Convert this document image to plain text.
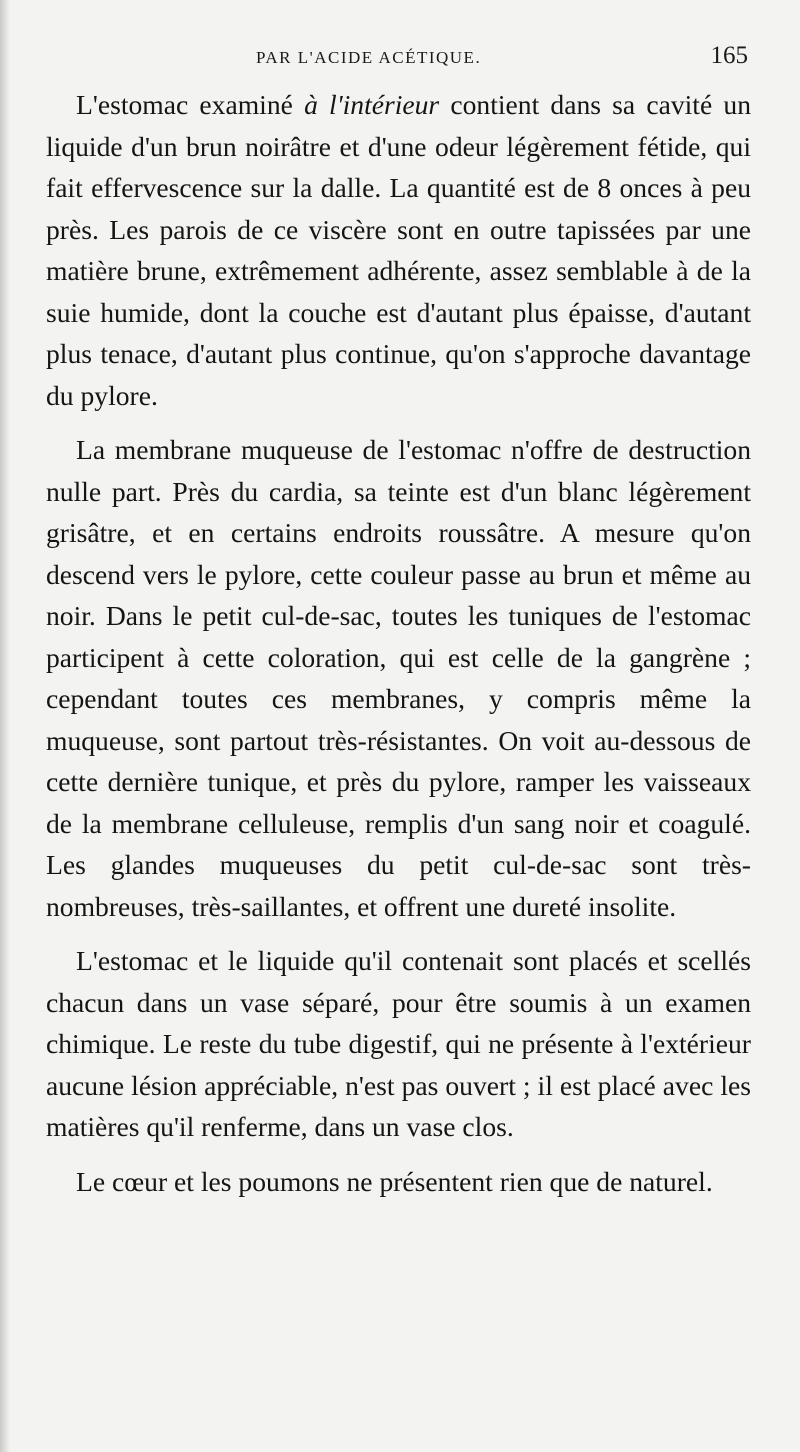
PAR L'ACIDE ACÉTIQUE.	165

L'estomac examiné à l'intérieur contient dans sa cavité un liquide d'un brun noirâtre et d'une odeur légèrement fétide, qui fait effervescence sur la dalle. La quantité est de 8 onces à peu près. Les parois de ce viscère sont en outre tapissées par une matière brune, extrêmement adhérente, assez semblable à de la suie humide, dont la couche est d'autant plus épaisse, d'autant plus tenace, d'autant plus continue, qu'on s'approche davantage du pylore.

La membrane muqueuse de l'estomac n'offre de destruction nulle part. Près du cardia, sa teinte est d'un blanc légèrement grisâtre, et en certains endroits roussâtre. A mesure qu'on descend vers le pylore, cette couleur passe au brun et même au noir. Dans le petit cul-de-sac, toutes les tuniques de l'estomac participent à cette coloration, qui est celle de la gangrène ; cependant toutes ces membranes, y compris même la muqueuse, sont partout très-résistantes. On voit au-dessous de cette dernière tunique, et près du pylore, ramper les vaisseaux de la membrane celluleuse, remplis d'un sang noir et coagulé. Les glandes muqueuses du petit cul-de-sac sont très-nombreuses, très-saillantes, et offrent une dureté insolite.

L'estomac et le liquide qu'il contenait sont placés et scellés chacun dans un vase séparé, pour être soumis à un examen chimique. Le reste du tube digestif, qui ne présente à l'extérieur aucune lésion appréciable, n'est pas ouvert ; il est placé avec les matières qu'il renferme, dans un vase clos.

Le cœur et les poumons ne présentent rien que de naturel.
